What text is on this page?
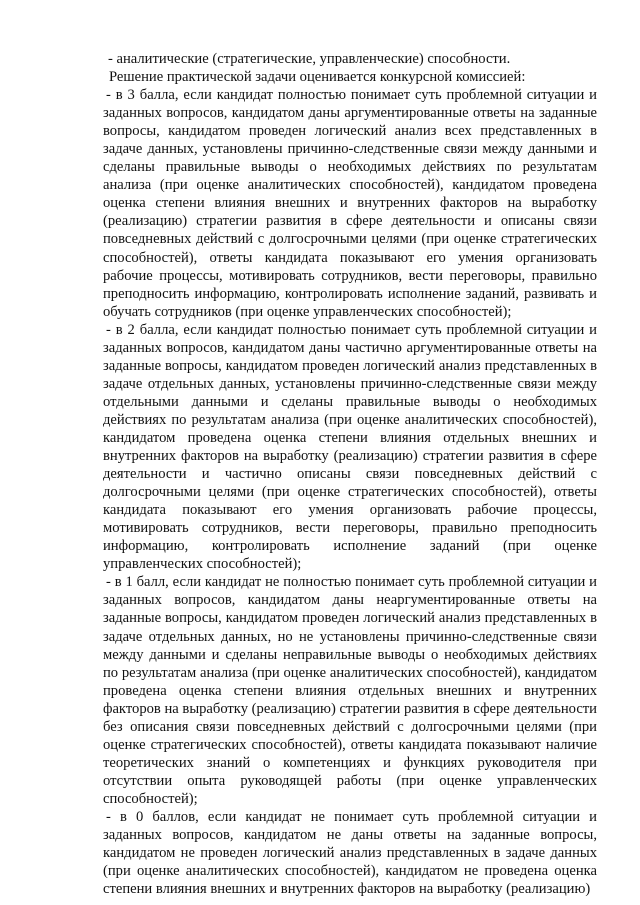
- аналитические (стратегические, управленческие) способности.

Решение практической задачи оценивается конкурсной комиссией:

- в 3 балла, если кандидат полностью понимает суть проблемной ситуации и заданных вопросов, кандидатом даны аргументированные ответы на заданные вопросы, кандидатом проведен логический анализ всех представленных в задаче данных, установлены причинно-следственные связи между данными и сделаны правильные выводы о необходимых действиях по результатам анализа (при оценке аналитических способностей), кандидатом проведена оценка степени влияния внешних и внутренних факторов на выработку (реализацию) стратегии развития в сфере деятельности и описаны связи повседневных действий с долгосрочными целями (при оценке стратегических способностей), ответы кандидата показывают его умения организовать рабочие процессы, мотивировать сотрудников, вести переговоры, правильно преподносить информацию, контролировать исполнение заданий, развивать и обучать сотрудников (при оценке управленческих способностей);

- в 2 балла, если кандидат полностью понимает суть проблемной ситуации и заданных вопросов, кандидатом даны частично аргументированные ответы на заданные вопросы, кандидатом проведен логический анализ представленных в задаче отдельных данных, установлены причинно-следственные связи между отдельными данными и сделаны правильные выводы о необходимых действиях по результатам анализа (при оценке аналитических способностей), кандидатом проведена оценка степени влияния отдельных внешних и внутренних факторов на выработку (реализацию) стратегии развития в сфере деятельности и частично описаны связи повседневных действий с долгосрочными целями (при оценке стратегических способностей), ответы кандидата показывают его умения организовать рабочие процессы, мотивировать сотрудников, вести переговоры, правильно преподносить информацию, контролировать исполнение заданий (при оценке управленческих способностей);

- в 1 балл, если кандидат не полностью понимает суть проблемной ситуации и заданных вопросов, кандидатом даны неаргументированные ответы на заданные вопросы, кандидатом проведен логический анализ представленных в задаче отдельных данных, но не установлены причинно-следственные связи между данными и сделаны неправильные выводы о необходимых действиях по результатам анализа (при оценке аналитических способностей), кандидатом проведена оценка степени влияния отдельных внешних и внутренних факторов на выработку (реализацию) стратегии развития в сфере деятельности без описания связи повседневных действий с долгосрочными целями (при оценке стратегических способностей), ответы кандидата показывают наличие теоретических знаний о компетенциях и функциях руководителя при отсутствии опыта руководящей работы (при оценке управленческих способностей);

- в 0 баллов, если кандидат не понимает суть проблемной ситуации и заданных вопросов, кандидатом не даны ответы на заданные вопросы, кандидатом не проведен логический анализ представленных в задаче данных (при оценке аналитических способностей), кандидатом не проведена оценка степени влияния внешних и внутренних факторов на выработку (реализацию)
